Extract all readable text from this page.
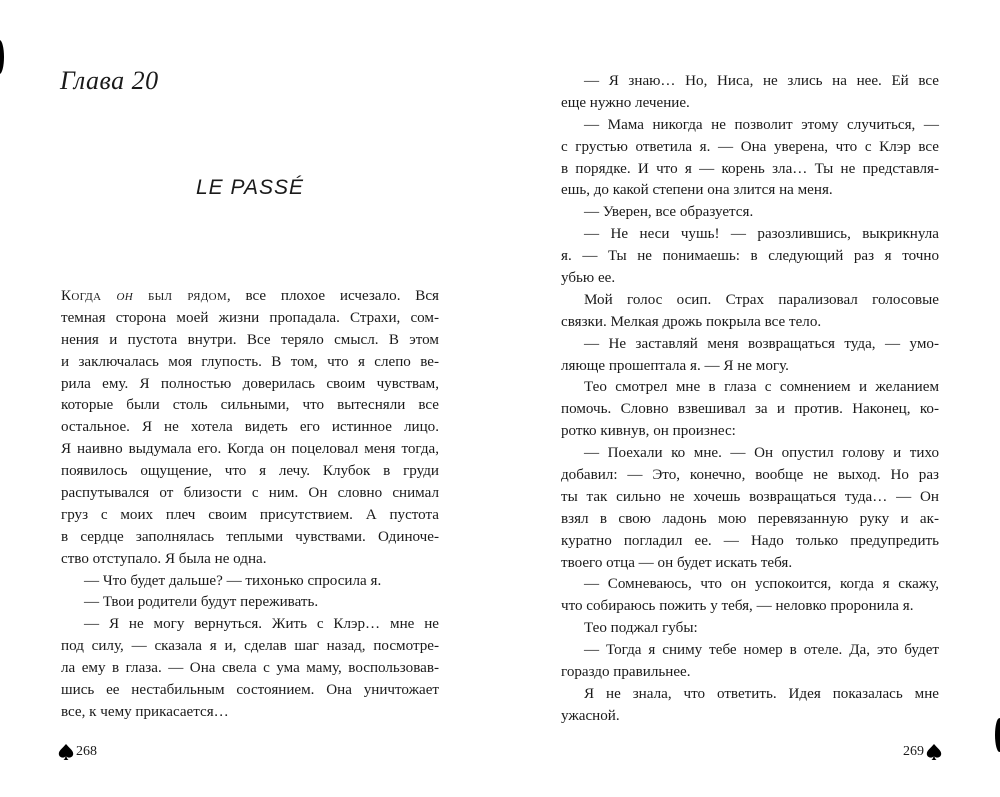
Глава 20
LE PASSÉ
Когда он был рядом, все плохое исчезало. Вся
темная сторона моей жизни пропадала. Страхи, сом-
нения и пустота внутри. Все теряло смысл. В этом
и заключалась моя глупость. В том, что я слепо ве-
рила ему. Я полностью доверилась своим чувствам,
которые были столь сильными, что вытесняли все
остальное. Я не хотела видеть его истинное лицо.
Я наивно выдумала его. Когда он поцеловал меня тогда,
появилось ощущение, что я лечу. Клубок в груди
распутывался от близости с ним. Он словно снимал
груз с моих плеч своим присутствием. А пустота
в сердце заполнялась теплыми чувствами. Одиноче-
ство отступало. Я была не одна.
— Что будет дальше? — тихонько спросила я.
— Твои родители будут переживать.
— Я не могу вернуться. Жить с Клэр… мне не
под силу, — сказала я и, сделав шаг назад, посмотре-
ла ему в глаза. — Она свела с ума маму, воспользовав-
шись ее нестабильным состоянием. Она уничтожает
все, к чему прикасается…
268
— Я знаю… Но, Ниса, не злись на нее. Ей все
еще нужно лечение.
— Мама никогда не позволит этому случиться, —
с грустью ответила я. — Она уверена, что с Клэр все
в порядке. И что я — корень зла… Ты не представля-
ешь, до какой степени она злится на меня.
— Уверен, все образуется.
— Не неси чушь! — разозлившись, выкрикнула
я. — Ты не понимаешь: в следующий раз я точно
убью ее.
Мой голос осип. Страх парализовал голосовые
связки. Мелкая дрожь покрыла все тело.
— Не заставляй меня возвращаться туда, — умо-
ляюще прошептала я. — Я не могу.
Тео смотрел мне в глаза с сомнением и желанием
помочь. Словно взвешивал за и против. Наконец, ко-
ротко кивнув, он произнес:
— Поехали ко мне. — Он опустил голову и тихо
добавил: — Это, конечно, вообще не выход. Но раз
ты так сильно не хочешь возвращаться туда… — Он
взял в свою ладонь мою перевязанную руку и ак-
куратно погладил ее. — Надо только предупредить
твоего отца — он будет искать тебя.
— Сомневаюсь, что он успокоится, когда я скажу,
что собираюсь пожить у тебя, — неловко проронила я.
Тео поджал губы:
— Тогда я сниму тебе номер в отеле. Да, это будет
гораздо правильнее.
Я не знала, что ответить. Идея показалась мне
ужасной.
269
